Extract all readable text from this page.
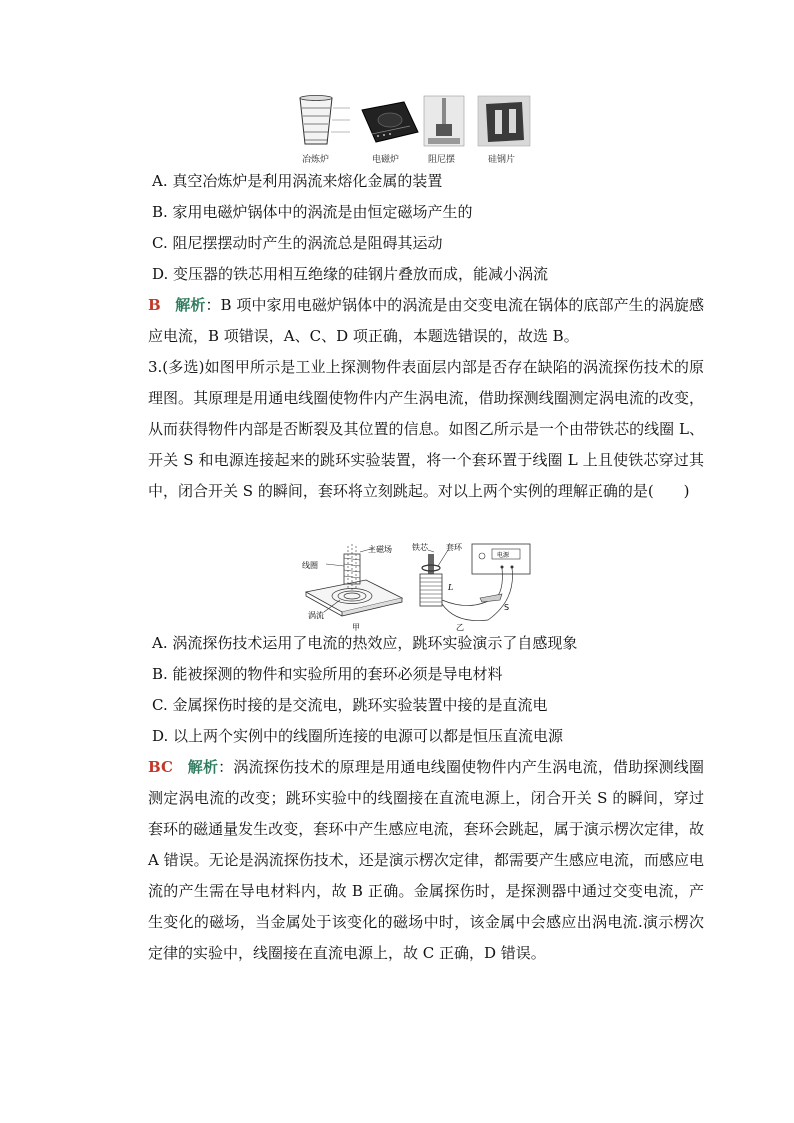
冶炼炉	电磁炉	阻尼摆	硅钢片
A. 真空冶炼炉是利用涡流来熔化金属的装置
B. 家用电磁炉锅体中的涡流是由恒定磁场产生的
C. 阻尼摆摆动时产生的涡流总是阻碍其运动
D. 变压器的铁芯用相互绝缘的硅钢片叠放而成，能减小涡流
B 解析：B 项中家用电磁炉锅体中的涡流是由交变电流在锅体的底部产生的涡旋感应电流，B 项错误，A、C、D 项正确，本题选错误的，故选 B。
3.(多选)如图甲所示是工业上探测物件表面层内部是否存在缺陷的涡流探伤技术的原理图。其原理是用通电线圈使物件内产生涡电流，借助探测线圈测定涡电流的改变，从而获得物件内部是否断裂及其位置的信息。如图乙所示是一个由带铁芯的线圈 L、开关 S 和电源连接起来的跳环实验装置，将一个套环置于线圈 L 上且使铁芯穿过其中，闭合开关 S 的瞬间，套环将立刻跳起。对以上两个实例的理解正确的是(　　)
线圈
主磁场
涡流
甲
铁芯 套环
电源
L
S
乙
A. 涡流探伤技术运用了电流的热效应，跳环实验演示了自感现象
B. 能被探测的物件和实验所用的套环必须是导电材料
C. 金属探伤时接的是交流电，跳环实验装置中接的是直流电
D. 以上两个实例中的线圈所连接的电源可以都是恒压直流电源
BC 解析：涡流探伤技术的原理是用通电线圈使物件内产生涡电流，借助探测线圈测定涡电流的改变；跳环实验中的线圈接在直流电源上，闭合开关 S 的瞬间，穿过套环的磁通量发生改变，套环中产生感应电流，套环会跳起，属于演示楞次定律，故 A 错误。无论是涡流探伤技术，还是演示楞次定律，都需要产生感应电流，而感应电流的产生需在导电材料内，故 B 正确。金属探伤时，是探测器中通过交变电流，产生变化的磁场，当金属处于该变化的磁场中时，该金属中会感应出涡电流.演示楞次定律的实验中，线圈接在直流电源上，故 C 正确，D 错误。
